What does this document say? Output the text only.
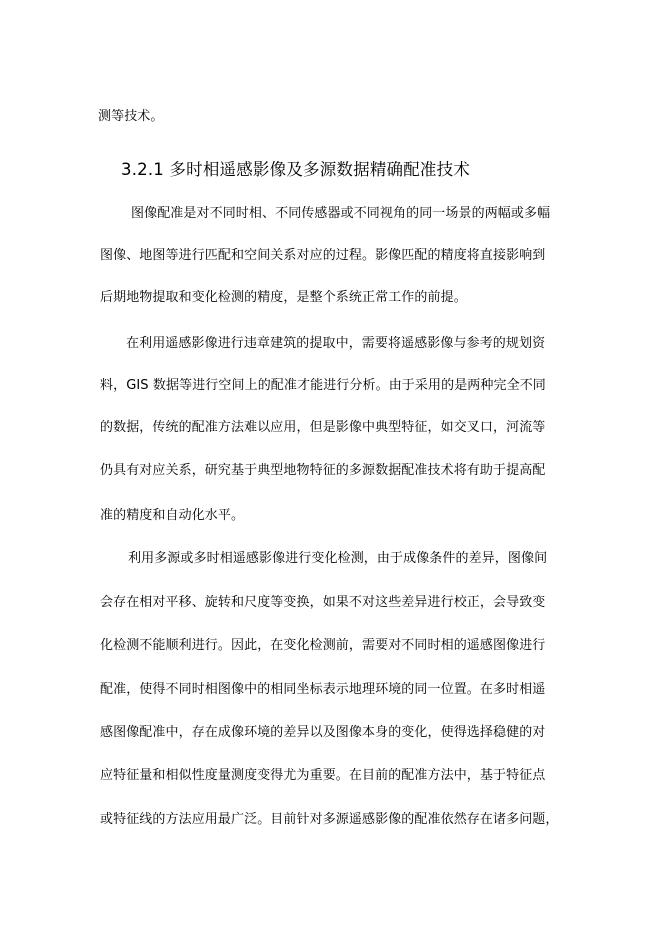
测等技术。
3.2.1 多时相遥感影像及多源数据精确配准技术
图像配准是对不同时相、不同传感器或不同视角的同一场景的两幅或多幅
图像、地图等进行匹配和空间关系对应的过程。影像匹配的精度将直接影响到
后期地物提取和变化检测的精度，是整个系统正常工作的前提。
在利用遥感影像进行违章建筑的提取中，需要将遥感影像与参考的规划资
料，GIS 数据等进行空间上的配准才能进行分析。由于采用的是两种完全不同
的数据，传统的配准方法难以应用，但是影像中典型特征，如交叉口，河流等
仍具有对应关系，研究基于典型地物特征的多源数据配准技术将有助于提高配
准的精度和自动化水平。
利用多源或多时相遥感影像进行变化检测，由于成像条件的差异，图像间
会存在相对平移、旋转和尺度等变换，如果不对这些差异进行校正，会导致变
化检测不能顺利进行。因此，在变化检测前，需要对不同时相的遥感图像进行
配准，使得不同时相图像中的相同坐标表示地理环境的同一位置。在多时相遥
感图像配准中，存在成像环境的差异以及图像本身的变化，使得选择稳健的对
应特征量和相似性度量测度变得尤为重要。在目前的配准方法中，基于特征点
或特征线的方法应用最广泛。目前针对多源遥感影像的配准依然存在诸多问题，
